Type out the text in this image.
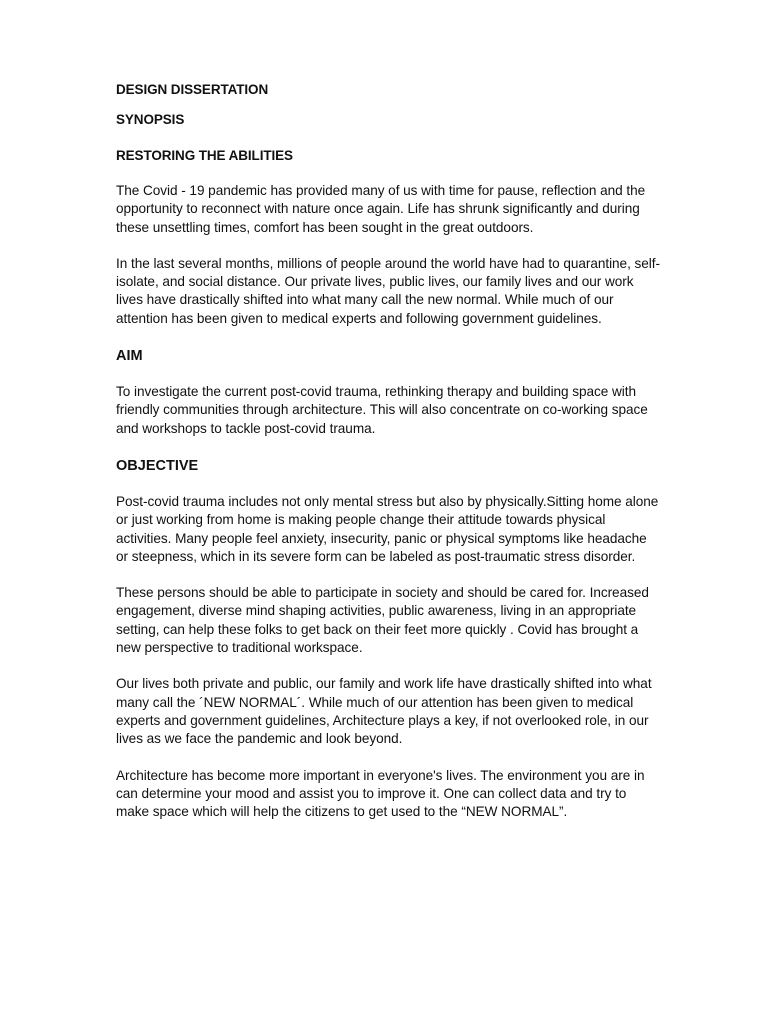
DESIGN DISSERTATION

SYNOPSIS

RESTORING THE ABILITIES

The Covid - 19 pandemic has provided many of us with time for pause, reflection and the opportunity to reconnect with nature once again. Life has shrunk significantly and during these unsettling times, comfort has been sought in the great outdoors.

In the last several months, millions of people around the world have had to quarantine, self-isolate, and social distance. Our private lives, public lives, our family lives and our work lives have drastically shifted into what many call the new normal. While much of our attention has been given to medical experts and following government guidelines.

AIM

To investigate the current post-covid trauma, rethinking therapy and building space with friendly communities through architecture. This will also concentrate on co-working space and workshops to tackle post-covid trauma.

OBJECTIVE

Post-covid trauma includes not only mental stress but also by physically.Sitting home alone or just working from home is making people change their attitude towards physical activities. Many people feel anxiety, insecurity, panic or physical symptoms like headache or steepness, which in its severe form can be labeled as post-traumatic stress disorder.

These persons should be able to participate in society and should be cared for. Increased engagement, diverse mind shaping activities, public awareness, living in an appropriate setting, can help these folks to get back on their feet more quickly . Covid has brought a new perspective to traditional workspace.

Our lives both private and public, our family and work life have drastically shifted into what many call the ´NEW NORMAL´. While much of our attention has been given to medical experts and government guidelines, Architecture plays a key, if not overlooked role, in our lives as we face the pandemic and look beyond.

Architecture has become more important in everyone's lives. The environment you are in can determine your mood and assist you to improve it. One can collect data and try to make space which will help the citizens to get used to the “NEW NORMAL”.
